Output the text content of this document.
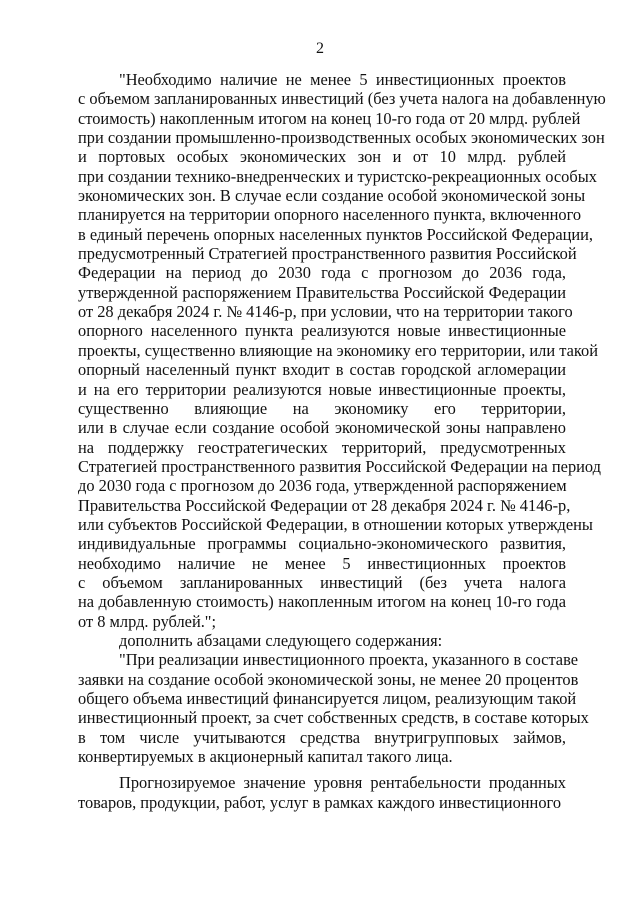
2
"Необходимо наличие не менее 5 инвестиционных проектов
с объемом запланированных инвестиций (без учета налога на добавленную
стоимость) накопленным итогом на конец 10-го года от 20 млрд. рублей
при создании промышленно-производственных особых экономических зон
и портовых особых экономических зон и от 10 млрд. рублей
при создании технико-внедренческих и туристско-рекреационных особых
экономических зон. В случае если создание особой экономической зоны
планируется на территории опорного населенного пункта, включенного
в единый перечень опорных населенных пунктов Российской Федерации,
предусмотренный Стратегией пространственного развития Российской
Федерации на период до 2030 года с прогнозом до 2036 года,
утвержденной распоряжением Правительства Российской Федерации
от 28 декабря 2024 г. № 4146-р, при условии, что на территории такого
опорного населенного пункта реализуются новые инвестиционные
проекты, существенно влияющие на экономику его территории, или такой
опорный населенный пункт входит в состав городской агломерации
и на его территории реализуются новые инвестиционные проекты,
существенно влияющие на экономику его территории,
или в случае если создание особой экономической зоны направлено
на поддержку геостратегических территорий, предусмотренных
Стратегией пространственного развития Российской Федерации на период
до 2030 года с прогнозом до 2036 года, утвержденной распоряжением
Правительства Российской Федерации от 28 декабря 2024 г. № 4146-р,
или субъектов Российской Федерации, в отношении которых утверждены
индивидуальные программы социально-экономического развития,
необходимо наличие не менее 5 инвестиционных проектов
с объемом запланированных инвестиций (без учета налога
на добавленную стоимость) накопленным итогом на конец 10-го года
от 8 млрд. рублей.";
дополнить абзацами следующего содержания:
"При реализации инвестиционного проекта, указанного в составе
заявки на создание особой экономической зоны, не менее 20 процентов
общего объема инвестиций финансируется лицом, реализующим такой
инвестиционный проект, за счет собственных средств, в составе которых
в том числе учитываются средства внутригрупповых займов,
конвертируемых в акционерный капитал такого лица.
Прогнозируемое значение уровня рентабельности проданных
товаров, продукции, работ, услуг в рамках каждого инвестиционного
